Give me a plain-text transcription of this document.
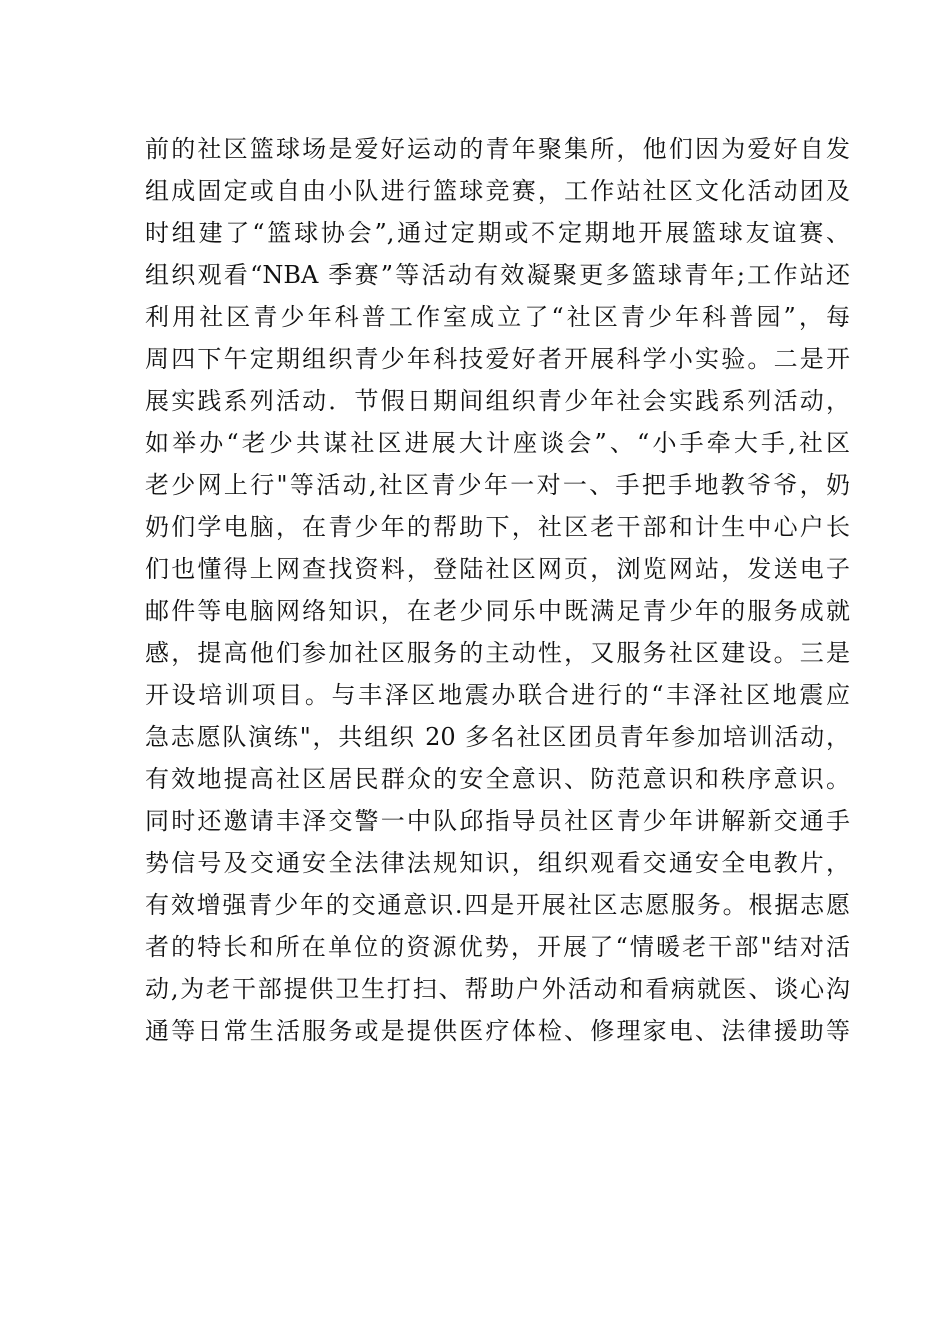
前的社区篮球场是爱好运动的青年聚集所，他们因为爱好自发
组成固定或自由小队进行篮球竞赛，工作站社区文化活动团及
时组建了“篮球协会”,通过定期或不定期地开展篮球友谊赛、
组织观看“NBA 季赛”等活动有效凝聚更多篮球青年;工作站还
利用社区青少年科普工作室成立了“社区青少年科普园”，每
周四下午定期组织青少年科技爱好者开展科学小实验。二是开
展实践系列活动．节假日期间组织青少年社会实践系列活动，
如举办“老少共谋社区进展大计座谈会”、“小手牵大手,社区
老少网上行"等活动,社区青少年一对一、手把手地教爷爷，奶
奶们学电脑，在青少年的帮助下，社区老干部和计生中心户长
们也懂得上网查找资料，登陆社区网页，浏览网站，发送电子
邮件等电脑网络知识，在老少同乐中既满足青少年的服务成就
感，提高他们参加社区服务的主动性，又服务社区建设。三是
开设培训项目。与丰泽区地震办联合进行的“丰泽社区地震应
急志愿队演练"，共组织 20 多名社区团员青年参加培训活动，
有效地提高社区居民群众的安全意识、防范意识和秩序意识。
同时还邀请丰泽交警一中队邱指导员社区青少年讲解新交通手
势信号及交通安全法律法规知识，组织观看交通安全电教片，
有效增强青少年的交通意识.四是开展社区志愿服务。根据志愿
者的特长和所在单位的资源优势，开展了“情暖老干部"结对活
动,为老干部提供卫生打扫、帮助户外活动和看病就医、谈心沟
通等日常生活服务或是提供医疗体检、修理家电、法律援助等
